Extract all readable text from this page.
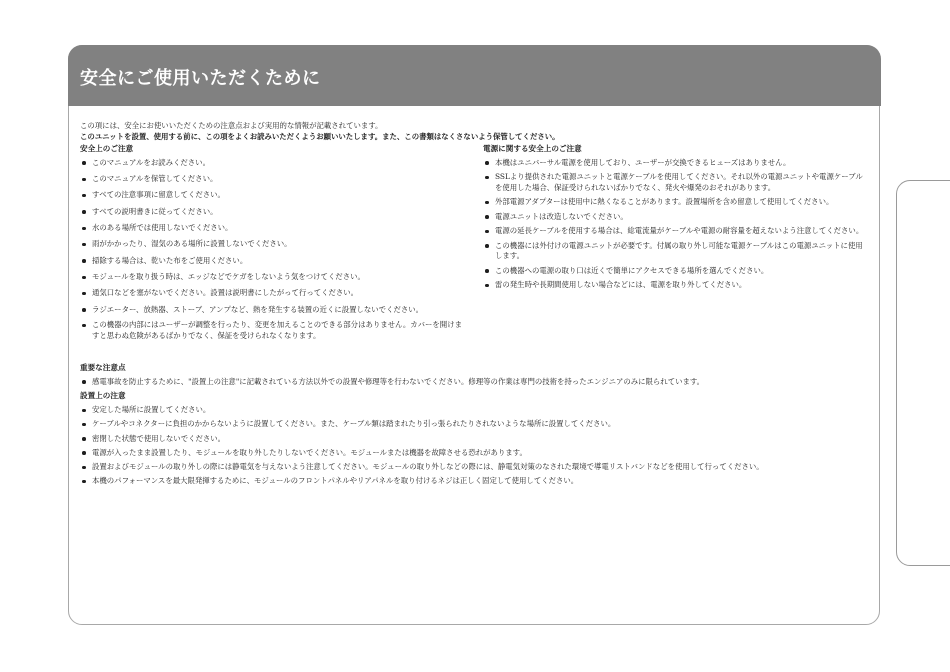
安全にご使用いただくために

この項には、安全にお使いいただくための注意点および実用的な情報が記載されています。

このユニットを設置、使用する前に、この項をよくお読みいただくようお願いいたします。また、この書類はなくさないよう保管してください。

安全上のご注意
このマニュアルをお読みください。
このマニュアルを保管してください。
すべての注意事項に留意してください。
すべての説明書きに従ってください。
水のある場所では使用しないでください。
雨がかかったり、湿気のある場所に設置しないでください。
掃除する場合は、乾いた布をご使用ください。
モジュールを取り扱う時は、エッジなどでケガをしないよう気をつけてください。
通気口などを塞がないでください。設置は説明書にしたがって行ってください。
ラジエーター、放熱器、ストーブ、アンプなど、熱を発生する装置の近くに設置しないでください。
この機器の内部にはユーザーが調整を行ったり、変更を加えることのできる部分はありません。カバーを開けますと思わぬ危険があるばかりでなく、保証を受けられなくなります。
電源に関する安全上のご注意
本機はユニバーサル電源を使用しており、ユーザーが交換できるヒューズはありません。
SSLより提供された電源ユニットと電源ケーブルを使用してください。それ以外の電源ユニットや電源ケーブルを使用した場合、保証受けられないばかりでなく、発火や爆発のおそれがあります。
外部電源アダプターは使用中に熱くなることがあります。設置場所を含め留意して使用してください。
電源ユニットは改造しないでください。
電源の延長ケーブルを使用する場合は、総電流量がケーブルや電源の耐容量を超えないよう注意してください。
この機器には外付けの電源ユニットが必要です。付属の取り外し可能な電源ケーブルはこの電源ユニットに使用します。
この機器への電源の取り口は近くで簡単にアクセスできる場所を選んでください。
雷の発生時や長期間使用しない場合などには、電源を取り外してください。
重要な注意点
感電事故を防止するために、"設置上の注意"に記載されている方法以外での設置や修理等を行わないでください。修理等の作業は専門の技術を持ったエンジニアのみに限られています。
設置上の注意
安定した場所に設置してください。
ケーブルやコネクターに負担のかからないように設置してください。また、ケーブル類は踏まれたり引っ張られたりされないような場所に設置してください。
密閉した状態で使用しないでください。
電源が入ったまま設置したり、モジュールを取り外したりしないでください。モジュールまたは機器を故障させる恐れがあります。
設置およびモジュールの取り外しの際には静電気を与えないよう注意してください。モジュールの取り外しなどの際には、静電気対策のなされた環境で導電リストバンドなどを使用して行ってください。
本機のパフォーマンスを最大限発揮するために、モジュールのフロントパネルやリアパネルを取り付けるネジは正しく固定して使用してください。
